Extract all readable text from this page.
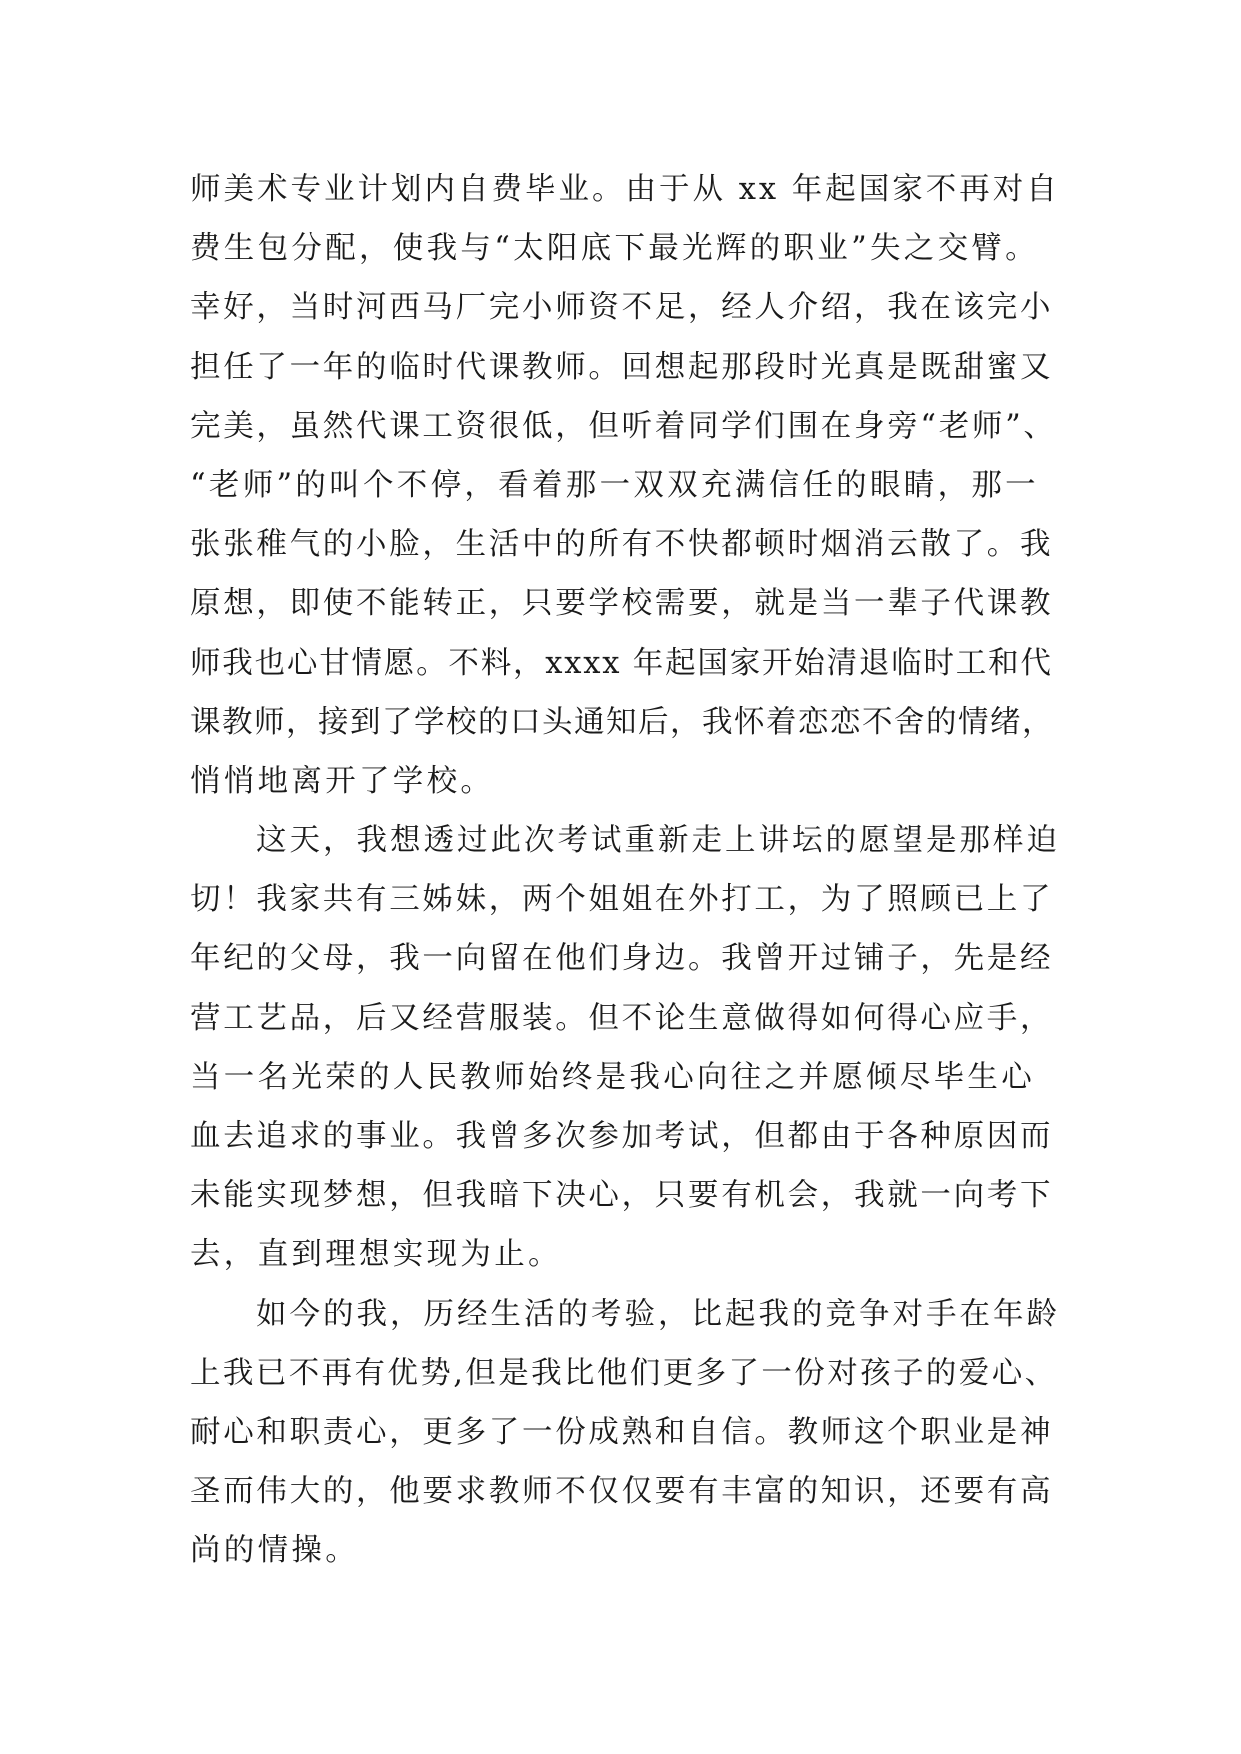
师美术专业计划内自费毕业。由于从 xx 年起国家不再对自
费生包分配，使我与“太阳底下最光辉的职业”失之交臂。
幸好，当时河西马厂完小师资不足，经人介绍，我在该完小
担任了一年的临时代课教师。回想起那段时光真是既甜蜜又
完美，虽然代课工资很低，但听着同学们围在身旁“老师”、
“老师”的叫个不停，看着那一双双充满信任的眼睛，那一
张张稚气的小脸，生活中的所有不快都顿时烟消云散了。我
原想，即使不能转正，只要学校需要，就是当一辈子代课教
师我也心甘情愿。不料，xxxx 年起国家开始清退临时工和代
课教师，接到了学校的口头通知后，我怀着恋恋不舍的情绪，
悄悄地离开了学校。
这天，我想透过此次考试重新走上讲坛的愿望是那样迫
切！我家共有三姊妹，两个姐姐在外打工，为了照顾已上了
年纪的父母，我一向留在他们身边。我曾开过铺子，先是经
营工艺品，后又经营服装。但不论生意做得如何得心应手，
当一名光荣的人民教师始终是我心向往之并愿倾尽毕生心
血去追求的事业。我曾多次参加考试，但都由于各种原因而
未能实现梦想，但我暗下决心，只要有机会，我就一向考下
去，直到理想实现为止。
如今的我，历经生活的考验，比起我的竞争对手在年龄
上我已不再有优势,但是我比他们更多了一份对孩子的爱心、
耐心和职责心，更多了一份成熟和自信。教师这个职业是神
圣而伟大的，他要求教师不仅仅要有丰富的知识，还要有高
尚的情操。
